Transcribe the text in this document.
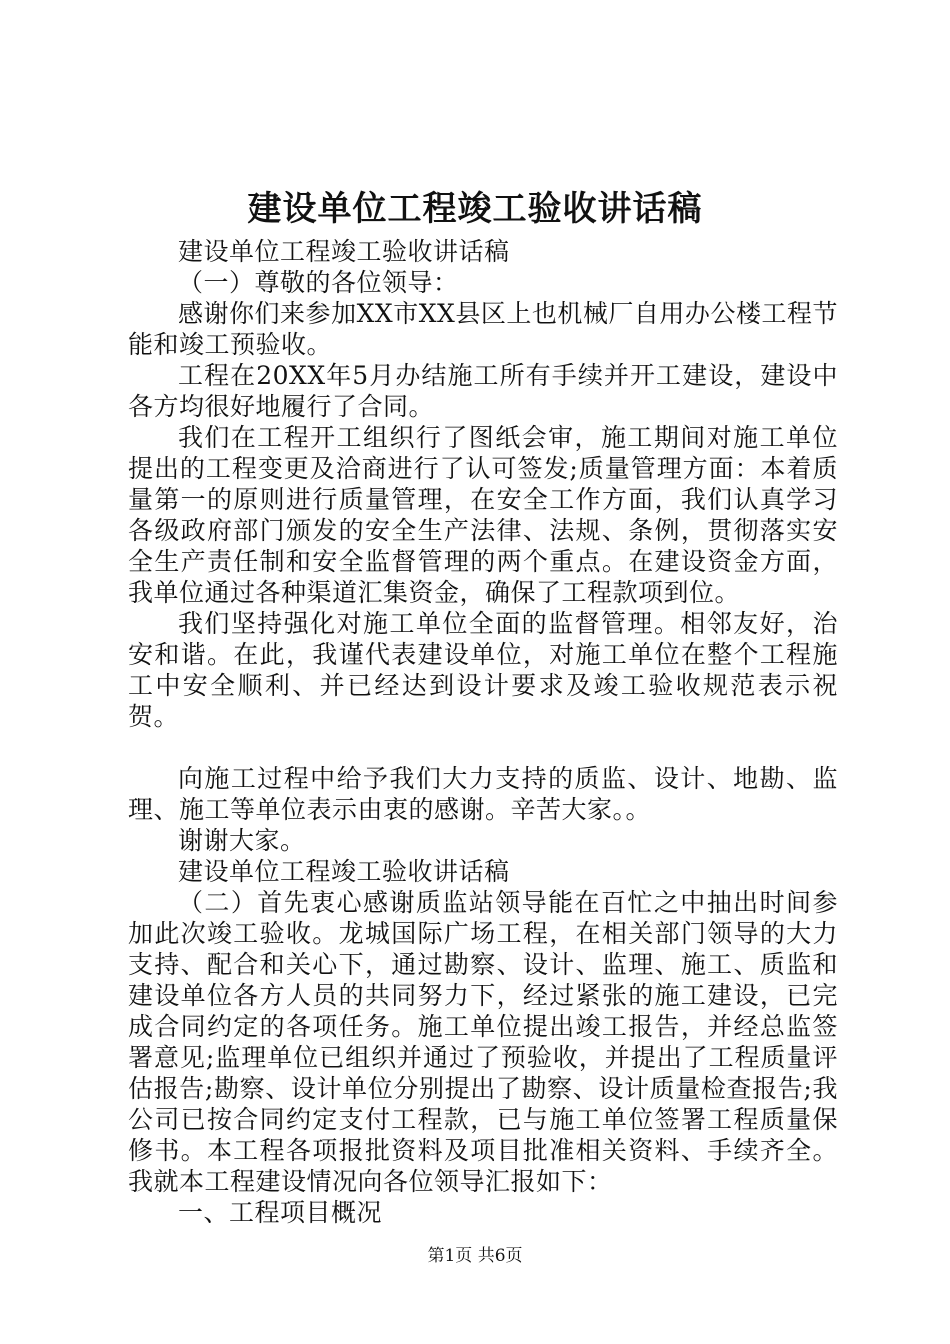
建设单位工程竣工验收讲话稿

建设单位工程竣工验收讲话稿

（一）尊敬的各位领导：

感谢你们来参加XX市XX县区上也机械厂自用办公楼工程节能和竣工预验收。

工程在20XX年5月办结施工所有手续并开工建设，建设中各方均很好地履行了合同。

我们在工程开工组织行了图纸会审，施工期间对施工单位提出的工程变更及洽商进行了认可签发;质量管理方面：本着质量第一的原则进行质量管理，在安全工作方面，我们认真学习各级政府部门颁发的安全生产法律、法规、条例，贯彻落实安全生产责任制和安全监督管理的两个重点。在建设资金方面，我单位通过各种渠道汇集资金，确保了工程款项到位。

我们坚持强化对施工单位全面的监督管理。相邻友好，治安和谐。在此，我谨代表建设单位，对施工单位在整个工程施工中安全顺利、并已经达到设计要求及竣工验收规范表示祝贺。

向施工过程中给予我们大力支持的质监、设计、地勘、监理、施工等单位表示由衷的感谢。辛苦大家。。

谢谢大家。

建设单位工程竣工验收讲话稿

（二）首先衷心感谢质监站领导能在百忙之中抽出时间参加此次竣工验收。龙城国际广场工程，在相关部门领导的大力支持、配合和关心下，通过勘察、设计、监理、施工、质监和建设单位各方人员的共同努力下，经过紧张的施工建设，已完成合同约定的各项任务。施工单位提出竣工报告，并经总监签署意见;监理单位已组织并通过了预验收，并提出了工程质量评估报告;勘察、设计单位分别提出了勘察、设计质量检查报告;我公司已按合同约定支付工程款，已与施工单位签署工程质量保修书。本工程各项报批资料及项目批准相关资料、手续齐全。我就本工程建设情况向各位领导汇报如下：

一、工程项目概况

第1页 共6页
